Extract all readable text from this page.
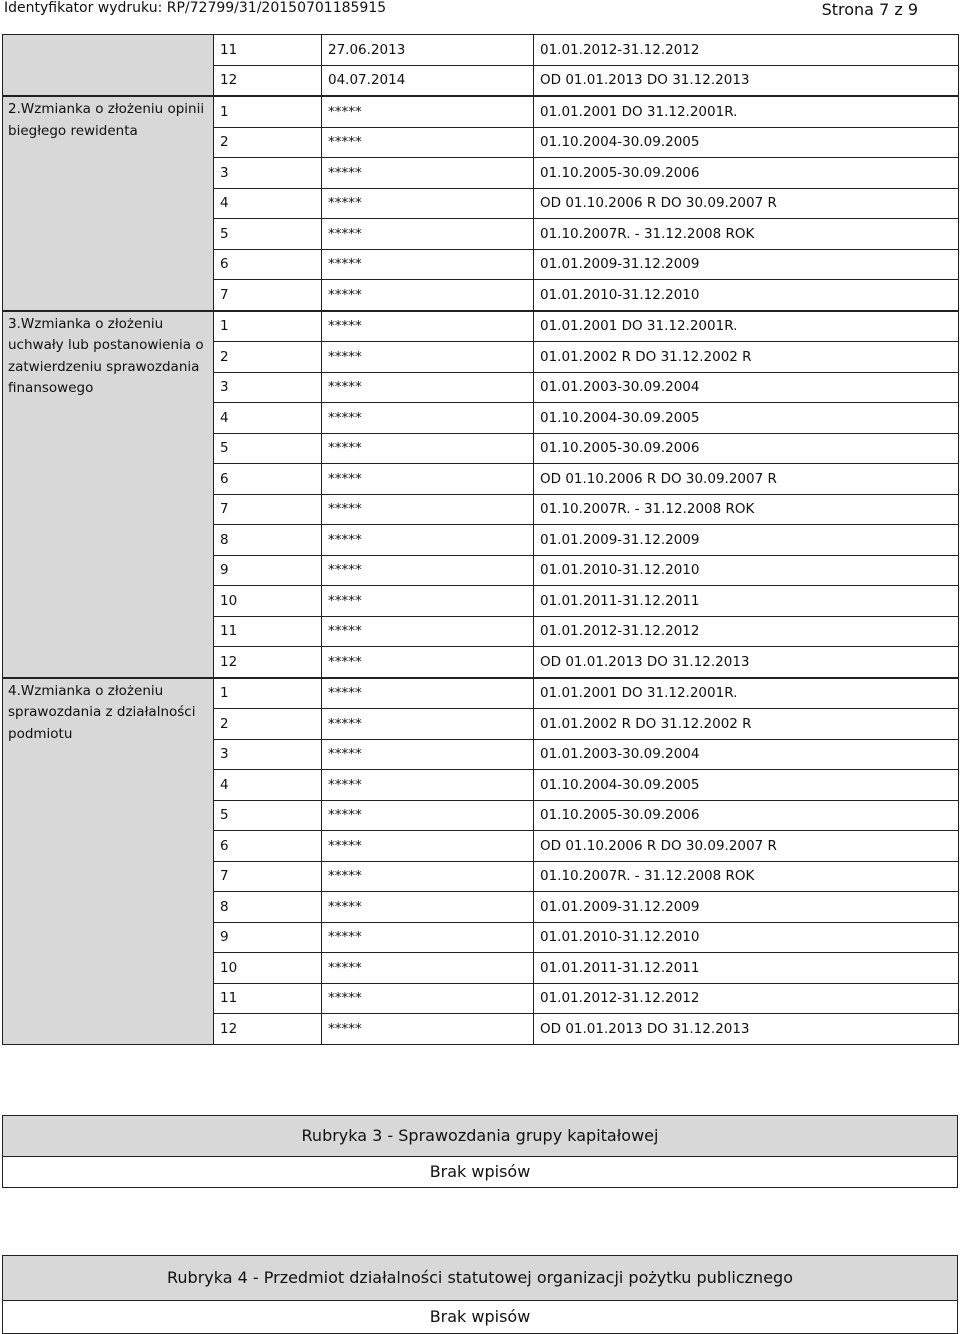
Identyfikator wydruku: RP/72799/31/20150701185915	Strona 7 z 9
	11	27.06.2013	01.01.2012-31.12.2012
	12	04.07.2014	OD 01.01.2013 DO 31.12.2013
2.Wzmianka o złożeniu opinii biegłego rewidenta	1	*****	01.01.2001 DO 31.12.2001R.
	2	*****	01.10.2004-30.09.2005
	3	*****	01.10.2005-30.09.2006
	4	*****	OD 01.10.2006 R DO 30.09.2007 R
	5	*****	01.10.2007R. - 31.12.2008 ROK
	6	*****	01.01.2009-31.12.2009
	7	*****	01.01.2010-31.12.2010
3.Wzmianka o złożeniu uchwały lub postanowienia o zatwierdzeniu sprawozdania finansowego	1	*****	01.01.2001 DO 31.12.2001R.
	2	*****	01.01.2002 R DO 31.12.2002 R
	3	*****	01.01.2003-30.09.2004
	4	*****	01.10.2004-30.09.2005
	5	*****	01.10.2005-30.09.2006
	6	*****	OD 01.10.2006 R DO 30.09.2007 R
	7	*****	01.10.2007R. - 31.12.2008 ROK
	8	*****	01.01.2009-31.12.2009
	9	*****	01.01.2010-31.12.2010
	10	*****	01.01.2011-31.12.2011
	11	*****	01.01.2012-31.12.2012
	12	*****	OD 01.01.2013 DO 31.12.2013
4.Wzmianka o złożeniu sprawozdania z działalności podmiotu	1	*****	01.01.2001 DO 31.12.2001R.
	2	*****	01.01.2002 R DO 31.12.2002 R
	3	*****	01.01.2003-30.09.2004
	4	*****	01.10.2004-30.09.2005
	5	*****	01.10.2005-30.09.2006
	6	*****	OD 01.10.2006 R DO 30.09.2007 R
	7	*****	01.10.2007R. - 31.12.2008 ROK
	8	*****	01.01.2009-31.12.2009
	9	*****	01.01.2010-31.12.2010
	10	*****	01.01.2011-31.12.2011
	11	*****	01.01.2012-31.12.2012
	12	*****	OD 01.01.2013 DO 31.12.2013
Rubryka 3 - Sprawozdania grupy kapitałowej
Brak wpisów
Rubryka 4 - Przedmiot działalności statutowej organizacji pożytku publicznego
Brak wpisów
